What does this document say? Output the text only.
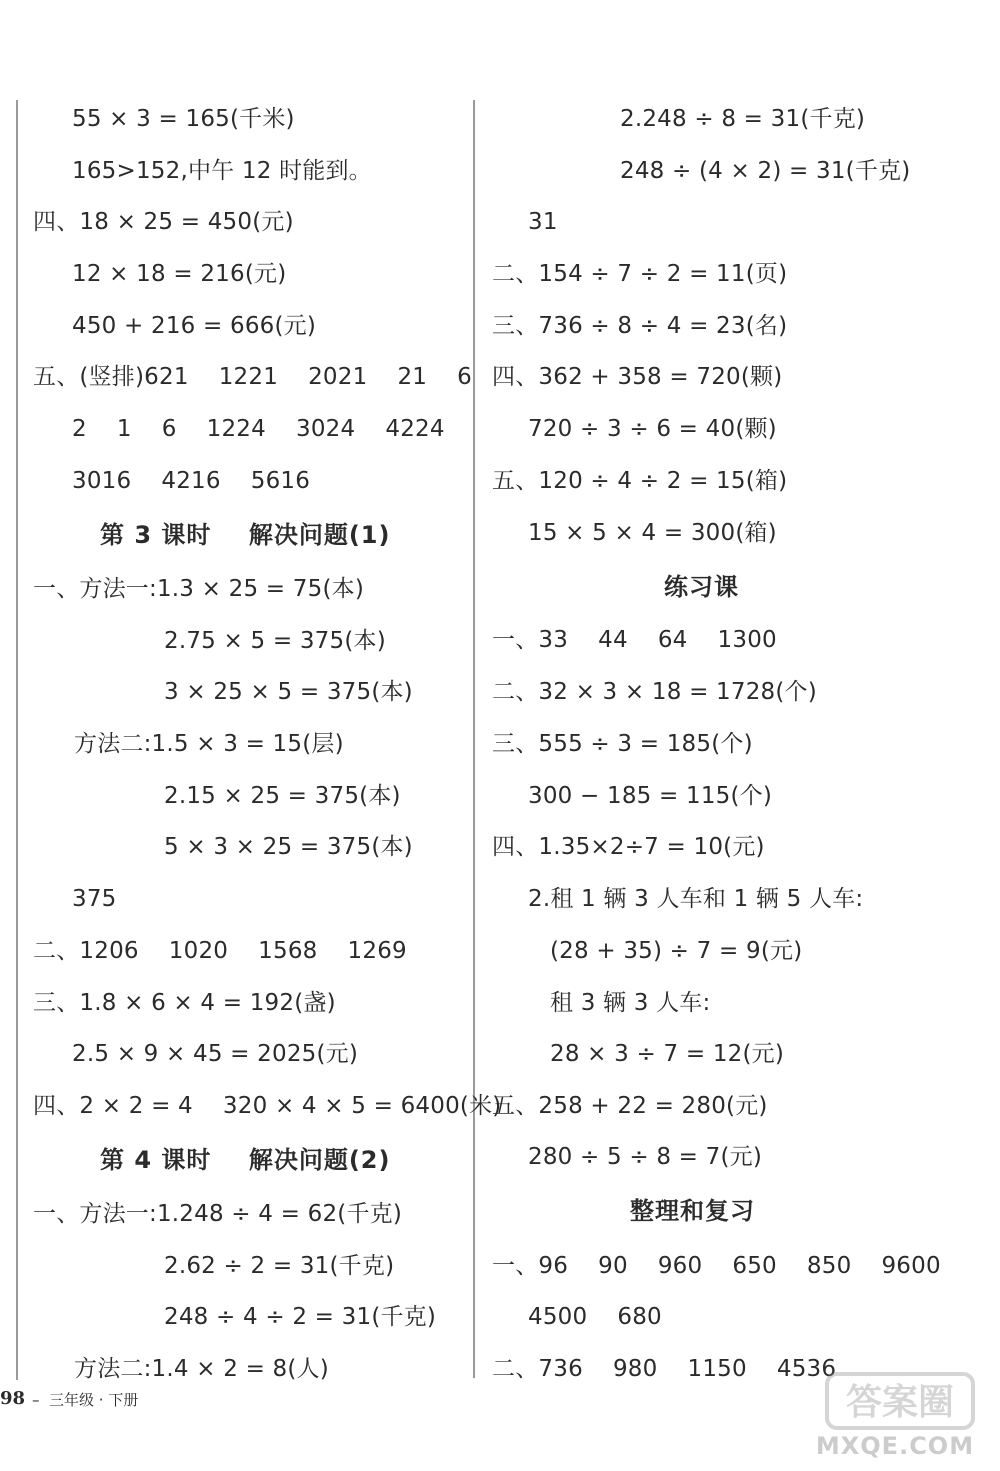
55 × 3 = 165(千米)
165>152,中午 12 时能到。
四、18 × 25 = 450(元)
12 × 18 = 216(元)
450 + 216 = 666(元)
五、(竖排)621    1221    2021    21    6
2    1    6    1224    3024    4224
3016    4216    5616
第 3 课时    解决问题(1)
一、方法一:1.3 × 25 = 75(本)
2.75 × 5 = 375(本)
3 × 25 × 5 = 375(本)
方法二:1.5 × 3 = 15(层)
2.15 × 25 = 375(本)
5 × 3 × 25 = 375(本)
375
二、1206    1020    1568    1269
三、1.8 × 6 × 4 = 192(盏)
2.5 × 9 × 45 = 2025(元)
四、2 × 2 = 4    320 × 4 × 5 = 6400(米)
第 4 课时    解决问题(2)
一、方法一:1.248 ÷ 4 = 62(千克)
2.62 ÷ 2 = 31(千克)
248 ÷ 4 ÷ 2 = 31(千克)
方法二:1.4 × 2 = 8(人)
2.248 ÷ 8 = 31(千克)
248 ÷ (4 × 2) = 31(千克)
31
二、154 ÷ 7 ÷ 2 = 11(页)
三、736 ÷ 8 ÷ 4 = 23(名)
四、362 + 358 = 720(颗)
720 ÷ 3 ÷ 6 = 40(颗)
五、120 ÷ 4 ÷ 2 = 15(箱)
15 × 5 × 4 = 300(箱)
练习课
一、33    44    64    1300
二、32 × 3 × 18 = 1728(个)
三、555 ÷ 3 = 185(个)
300 − 185 = 115(个)
四、1.35×2÷7 = 10(元)
2.租 1 辆 3 人车和 1 辆 5 人车:
(28 + 35) ÷ 7 = 9(元)
租 3 辆 3 人车:
28 × 3 ÷ 7 = 12(元)
五、258 + 22 = 280(元)
280 ÷ 5 ÷ 8 = 7(元)
整理和复习
一、96    90    960    650    850    9600
4500    680
二、736    980    1150    4536
98 –  三年级 · 下册	答案圈
MXQE.COM
